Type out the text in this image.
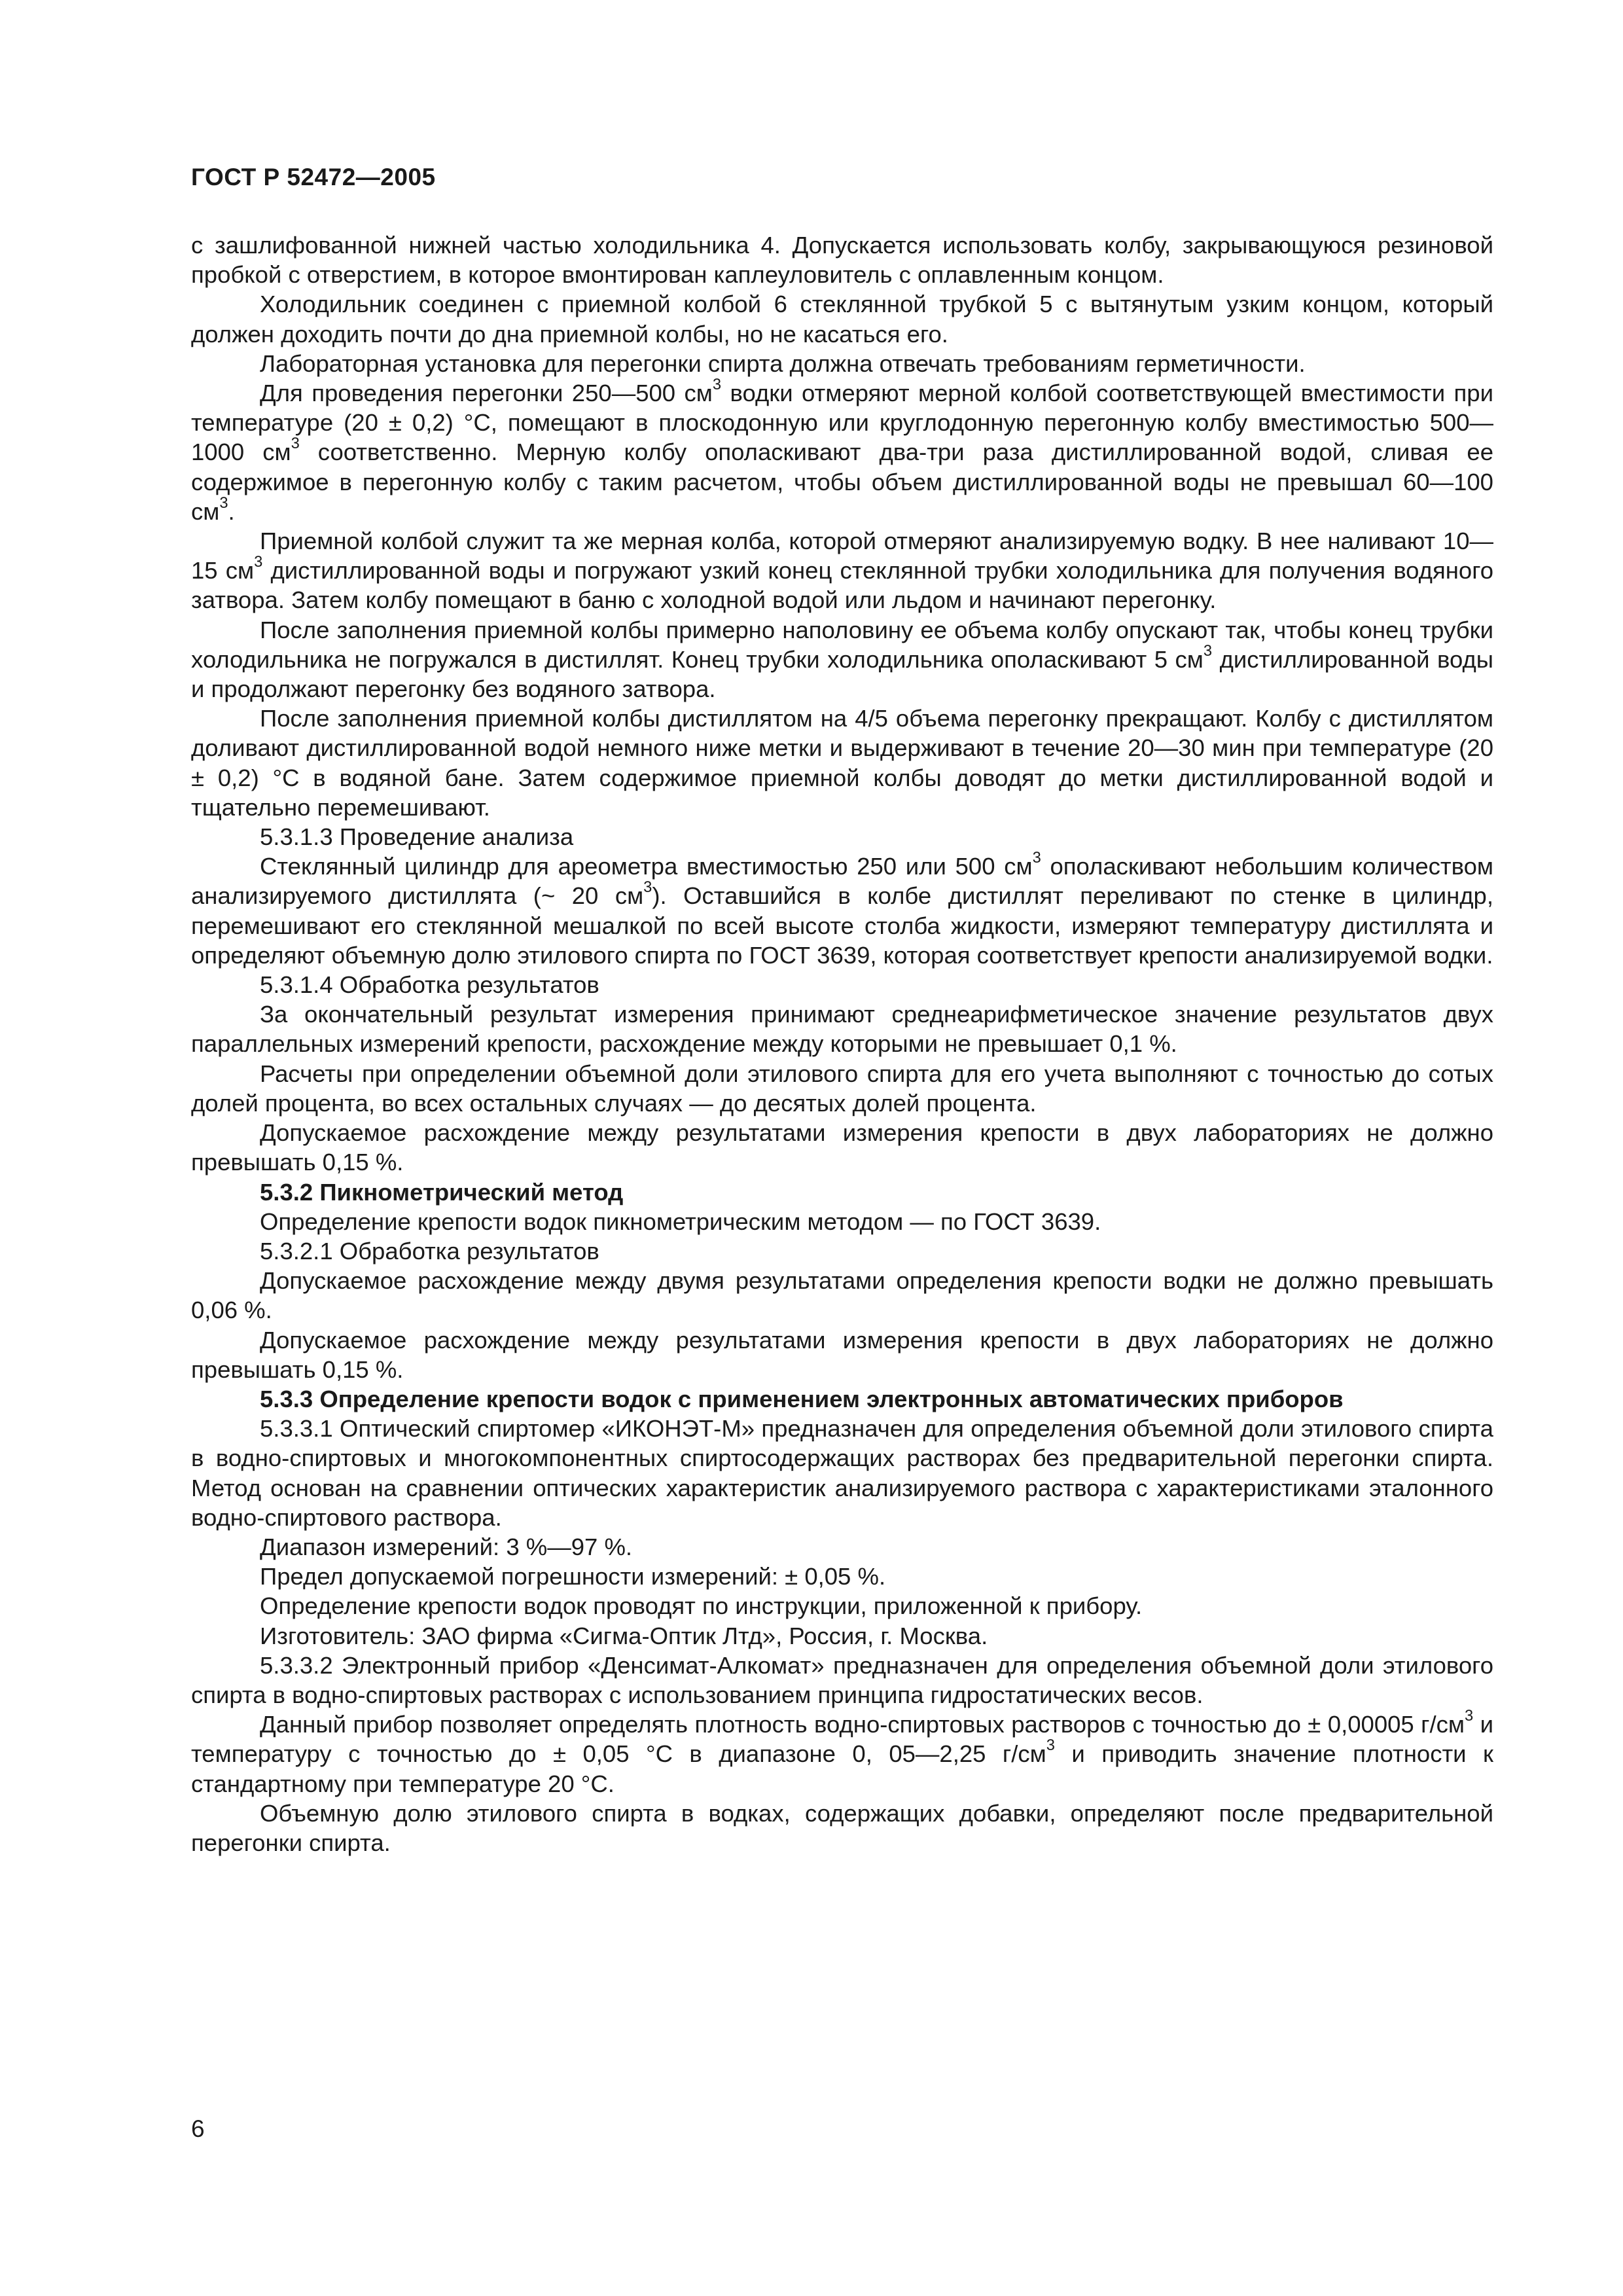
ГОСТ Р 52472—2005

с зашлифованной нижней частью холодильника 4. Допускается использовать колбу, закрывающуюся резиновой пробкой с отверстием, в которое вмонтирован каплеуловитель с оплавленным концом.

Холодильник соединен с приемной колбой 6 стеклянной трубкой 5 с вытянутым узким концом, который должен доходить почти до дна приемной колбы, но не касаться его.

Лабораторная установка для перегонки спирта должна отвечать требованиям герметичности.

Для проведения перегонки 250—500 $см^3$ водки отмеряют мерной колбой соответствующей вместимости при температуре (20 ± 0,2) °С, помещают в плоскодонную или круглодонную перегонную колбу вместимостью 500—1000 $см^3$ соответственно. Мерную колбу ополаскивают два-три раза дистиллированной водой, сливая ее содержимое в перегонную колбу с таким расчетом, чтобы объем дистиллированной воды не превышал 60—100 $см^3$.

Приемной колбой служит та же мерная колба, которой отмеряют анализируемую водку. В нее наливают 10—15 $см^3$ дистиллированной воды и погружают узкий конец стеклянной трубки холодильника для получения водяного затвора. Затем колбу помещают в баню с холодной водой или льдом и начинают перегонку.

После заполнения приемной колбы примерно наполовину ее объема колбу опускают так, чтобы конец трубки холодильника не погружался в дистиллят. Конец трубки холодильника ополаскивают 5 $см^3$ дистиллированной воды и продолжают перегонку без водяного затвора.

После заполнения приемной колбы дистиллятом на 4/5 объема перегонку прекращают. Колбу с дистиллятом доливают дистиллированной водой немного ниже метки и выдерживают в течение 20—30 мин при температуре (20 ± 0,2) °С в водяной бане. Затем содержимое приемной колбы доводят до метки дистиллированной водой и тщательно перемешивают.

5.3.1.3 Проведение анализа

Стеклянный цилиндр для ареометра вместимостью 250 или 500 $см^3$ ополаскивают небольшим количеством анализируемого дистиллята (~ 20 $см^3$). Оставшийся в колбе дистиллят переливают по стенке в цилиндр, перемешивают его стеклянной мешалкой по всей высоте столба жидкости, измеряют температуру дистиллята и определяют объемную долю этилового спирта по ГОСТ 3639, которая соответствует крепости анализируемой водки.

5.3.1.4 Обработка результатов

За окончательный результат измерения принимают среднеарифметическое значение результатов двух параллельных измерений крепости, расхождение между которыми не превышает 0,1 %.

Расчеты при определении объемной доли этилового спирта для его учета выполняют с точностью до сотых долей процента, во всех остальных случаях — до десятых долей процента.

Допускаемое расхождение между результатами измерения крепости в двух лабораториях не должно превышать 0,15 %.

5.3.2 Пикнометрический метод

Определение крепости водок пикнометрическим методом — по ГОСТ 3639.

5.3.2.1 Обработка результатов

Допускаемое расхождение между двумя результатами определения крепости водки не должно превышать 0,06 %.

Допускаемое расхождение между результатами измерения крепости в двух лабораториях не должно превышать 0,15 %.

5.3.3 Определение крепости водок с применением электронных автоматических приборов

5.3.3.1 Оптический спиртомер «ИКОНЭТ-М» предназначен для определения объемной доли этилового спирта в водно-спиртовых и многокомпонентных спиртосодержащих растворах без предварительной перегонки спирта. Метод основан на сравнении оптических характеристик анализируемого раствора с характеристиками эталонного водно-спиртового раствора.

Диапазон измерений: 3 %—97 %.

Предел допускаемой погрешности измерений: ± 0,05 %.

Определение крепости водок проводят по инструкции, приложенной к прибору.

Изготовитель: ЗАО фирма «Сигма-Оптик Лтд», Россия, г. Москва.

5.3.3.2 Электронный прибор «Денсимат-Алкомат» предназначен для определения объемной доли этилового спирта в водно-спиртовых растворах с использованием принципа гидростатических весов.

Данный прибор позволяет определять плотность водно-спиртовых растворов с точностью до ± 0,00005 $г/см^3$ и температуру с точностью до ± 0,05 °С в диапазоне 0, 05—2,25 $г/см^3$ и приводить значение плотности к стандартному при температуре 20 °С.

Объемную долю этилового спирта в водках, содержащих добавки, определяют после предварительной перегонки спирта.

6
